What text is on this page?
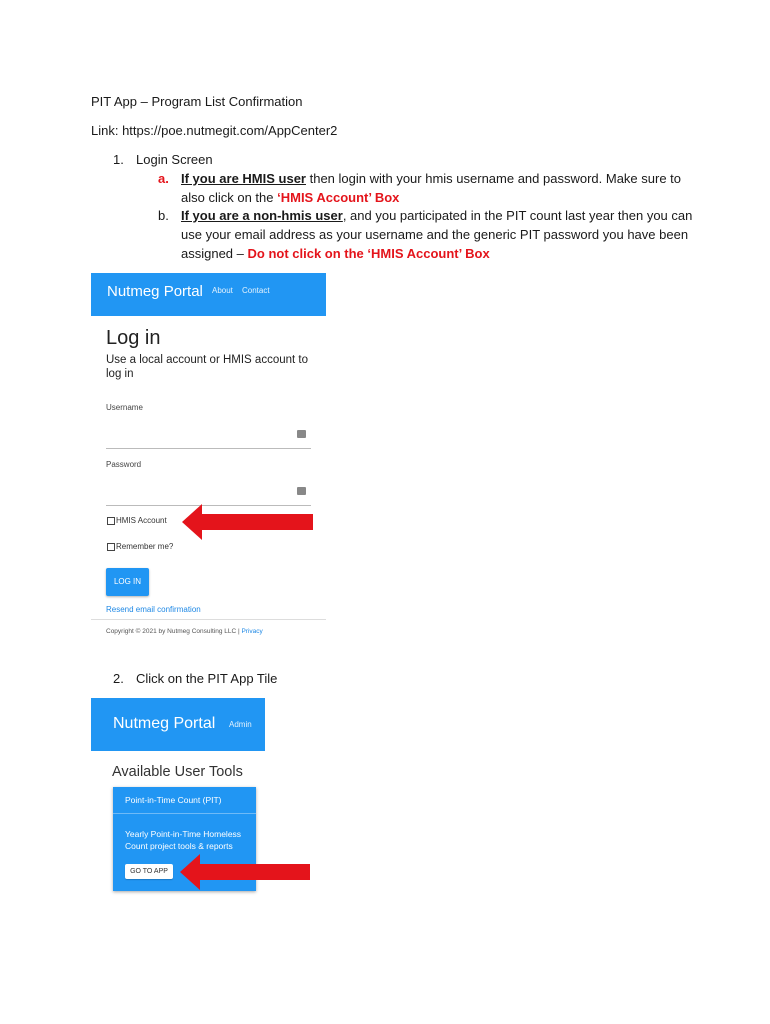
PIT App – Program List Confirmation
Link: https://poe.nutmegit.com/AppCenter2
1. Login Screen
a. If you are HMIS user then login with your hmis username and password. Make sure to
also click on the ‘HMIS Account’ Box
b. If you are a non-hmis user, and you participated in the PIT count last year then you can
use your email address as your username and the generic PIT password you have been
assigned – Do not click on the ‘HMIS Account’ Box
Nutmeg Portal About Contact
Log in
Use a local account or HMIS account to log in
Username
Password
HMIS Account
Remember me?
LOG IN
Resend email confirmation
Copyright © 2021 by Nutmeg Consulting LLC | Privacy
2. Click on the PIT App Tile
Nutmeg Portal Admin
Available User Tools
Point-in-Time Count (PIT)
Yearly Point-in-Time Homeless Count project tools & reports
GO TO APP
